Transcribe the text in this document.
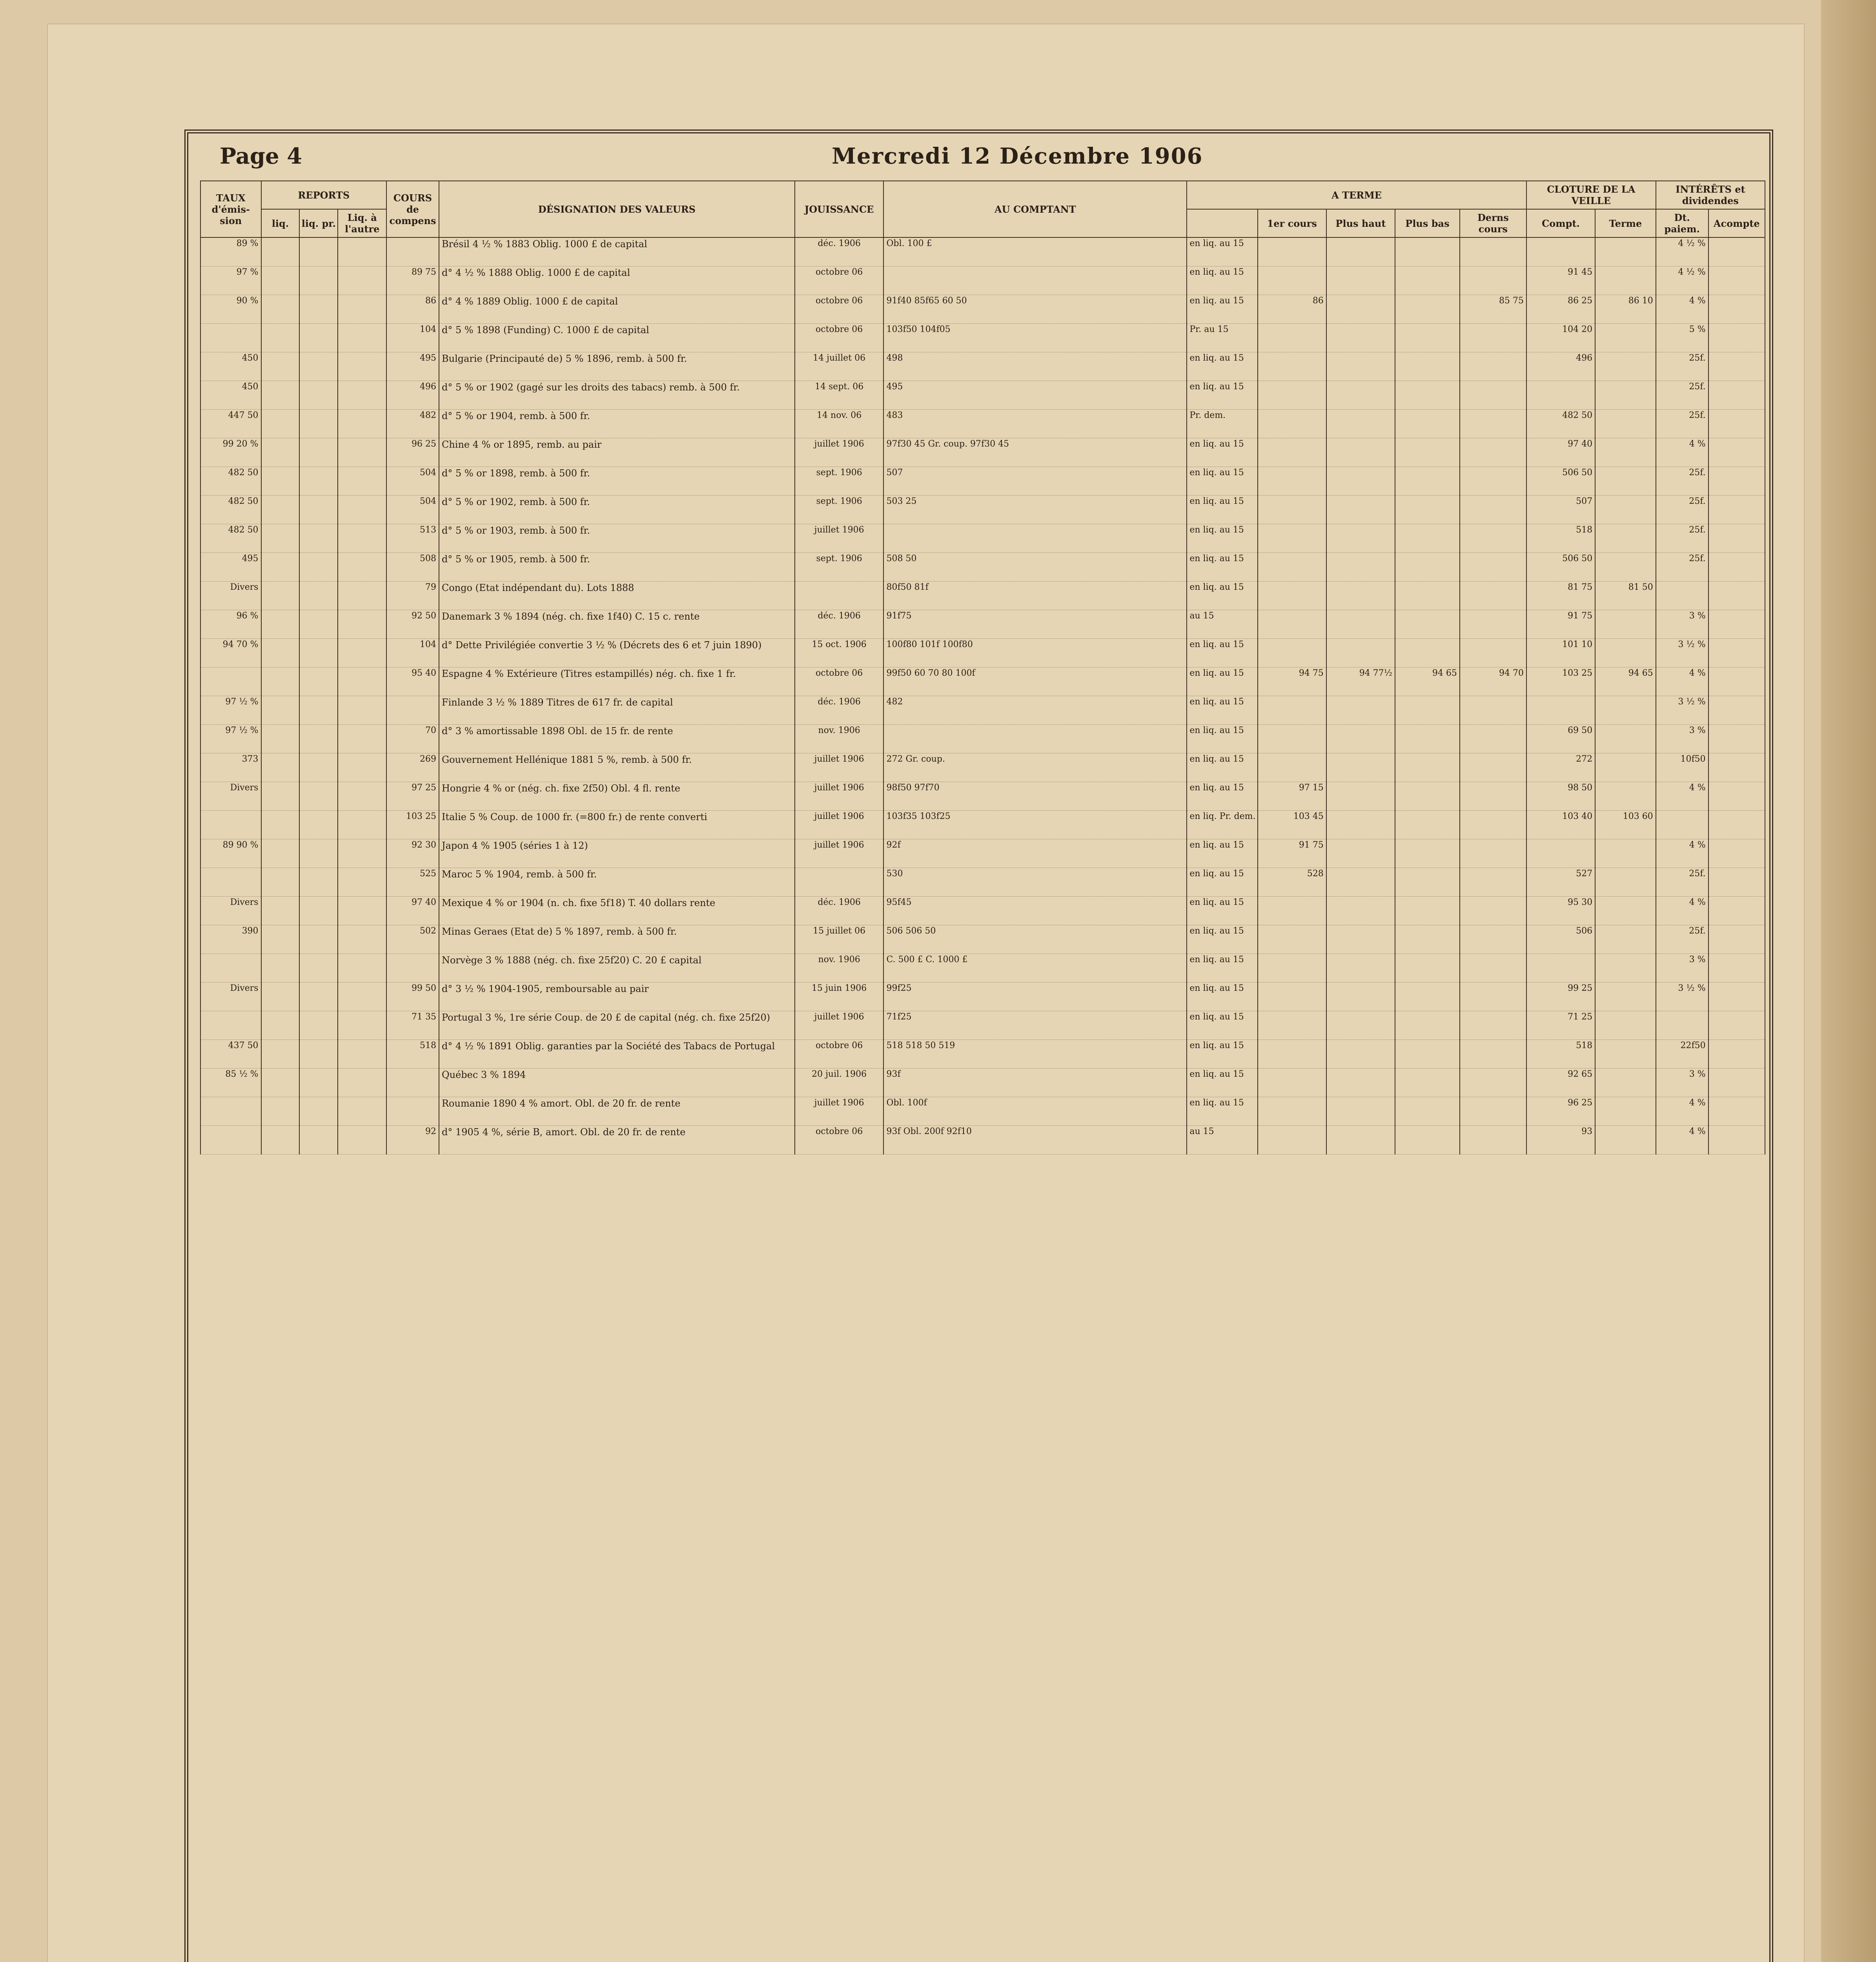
Page 4	Mercredi 12 Décembre 1906
TAUX d'émis-sion	REPORTS			COURS de compens	DÉSIGNATION DES VALEURS	JOUISSANCE	AU COMPTANT	A TERME					CLOTURE DE LA VEILLE		INTÉRÊTS et dividendes	
	liq.	liq. pr.	Liq. à l'autre						1er cours	Plus haut	Plus bas	Derns cours	Compt.	Terme	Dt. paiem.	Acompte
89 %					Brésil 4 ½ % 1883 Oblig. 1000 £ de capital	déc. 1906	Obl. 100 £	en liq. au 15							4 ½ %	
97 %				89 75	d° 4 ½ % 1888 Oblig. 1000 £ de capital	octobre 06		en liq. au 15					91 45		4 ½ %	
90 %				86	d° 4 % 1889 Oblig. 1000 £ de capital	octobre 06	91f40 85f65 60 50	en liq. au 15	86			85 75	86 25	86 10	4 %	
				104	d° 5 % 1898 (Funding) C. 1000 £ de capital	octobre 06	103f50 104f05	Pr. au 15					104 20		5 %	
450				495	Bulgarie (Principauté de) 5 % 1896, remb. à 500 fr.	14 juillet 06	498	en liq. au 15					496		25f.	
450				496	d° 5 % or 1902 (gagé sur les droits des tabacs) remb. à 500 fr.	14 sept. 06	495	en liq. au 15							25f.	
447 50				482	d° 5 % or 1904, remb. à 500 fr.	14 nov. 06	483	Pr. dem.					482 50		25f.	
99 20 %				96 25	Chine 4 % or 1895, remb. au pair	juillet 1906	97f30 45 Gr. coup. 97f30 45	en liq. au 15					97 40		4 %	
482 50				504	d° 5 % or 1898, remb. à 500 fr.	sept. 1906	507	en liq. au 15					506 50		25f.	
482 50				504	d° 5 % or 1902, remb. à 500 fr.	sept. 1906	503 25	en liq. au 15					507		25f.	
482 50				513	d° 5 % or 1903, remb. à 500 fr.	juillet 1906		en liq. au 15					518		25f.	
495				508	d° 5 % or 1905, remb. à 500 fr.	sept. 1906	508 50	en liq. au 15					506 50		25f.	
Divers				79	Congo (Etat indépendant du). Lots 1888		80f50 81f	en liq. au 15					81 75	81 50		
96 %				92 50	Danemark 3 % 1894 (nég. ch. fixe 1f40) C. 15 c. rente	déc. 1906	91f75	au 15					91 75		3 %	
94 70 %				104	d° Dette Privilégiée convertie 3 ½ % (Décrets des 6 et 7 juin 1890)	15 oct. 1906	100f80 101f 100f80	en liq. au 15					101 10		3 ½ %	
				95 40	Espagne 4 % Extérieure (Titres estampillés) nég. ch. fixe 1 fr.	octobre 06	99f50 60 70 80 100f	en liq. au 15	94 75	94 77½	94 65	94 70	103 25	94 65	4 %	
97 ½ %					Finlande 3 ½ % 1889 Titres de 617 fr. de capital	déc. 1906	482	en liq. au 15							3 ½ %	
97 ½ %				70	d° 3 % amortissable 1898 Obl. de 15 fr. de rente	nov. 1906		en liq. au 15					69 50		3 %	
373				269	Gouvernement Hellénique 1881 5 %, remb. à 500 fr.	juillet 1906	272 Gr. coup.	en liq. au 15					272		10f50	
Divers				97 25	Hongrie 4 % or (nég. ch. fixe 2f50) Obl. 4 fl. rente	juillet 1906	98f50 97f70	en liq. au 15	97 15				98 50		4 %	
				103 25	Italie 5 % Coup. de 1000 fr. (=800 fr.) de rente converti	juillet 1906	103f35 103f25	en liq. Pr. dem.	103 45				103 40	103 60		
89 90 %				92 30	Japon 4 % 1905 (séries 1 à 12)	juillet 1906	92f	en liq. au 15	91 75						4 %	
				525	Maroc 5 % 1904, remb. à 500 fr.		530	en liq. au 15	528				527		25f.	
Divers				97 40	Mexique 4 % or 1904 (n. ch. fixe 5f18) T. 40 dollars rente	déc. 1906	95f45	en liq. au 15					95 30		4 %	
390				502	Minas Geraes (Etat de) 5 % 1897, remb. à 500 fr.	15 juillet 06	506 506 50	en liq. au 15					506		25f.	
					Norvège 3 % 1888 (nég. ch. fixe 25f20) C. 20 £ capital	nov. 1906	C. 500 £ C. 1000 £	en liq. au 15							3 %	
Divers				99 50	d° 3 ½ % 1904-1905, remboursable au pair	15 juin 1906	99f25	en liq. au 15					99 25		3 ½ %	
				71 35	Portugal 3 %, 1re série Coup. de 20 £ de capital (nég. ch. fixe 25f20)	juillet 1906	71f25	en liq. au 15					71 25			
437 50				518	d° 4 ½ % 1891 Oblig. garanties par la Société des Tabacs de Portugal	octobre 06	518 518 50 519	en liq. au 15					518		22f50	
85 ½ %					Québec 3 % 1894	20 juil. 1906	93f	en liq. au 15					92 65		3 %	
					Roumanie 1890 4 % amort. Obl. de 20 fr. de rente	juillet 1906	Obl. 100f	en liq. au 15					96 25		4 %	
				92	d° 1905 4 %, série B, amort. Obl. de 20 fr. de rente	octobre 06	93f Obl. 200f 92f10	au 15					93		4 %	
